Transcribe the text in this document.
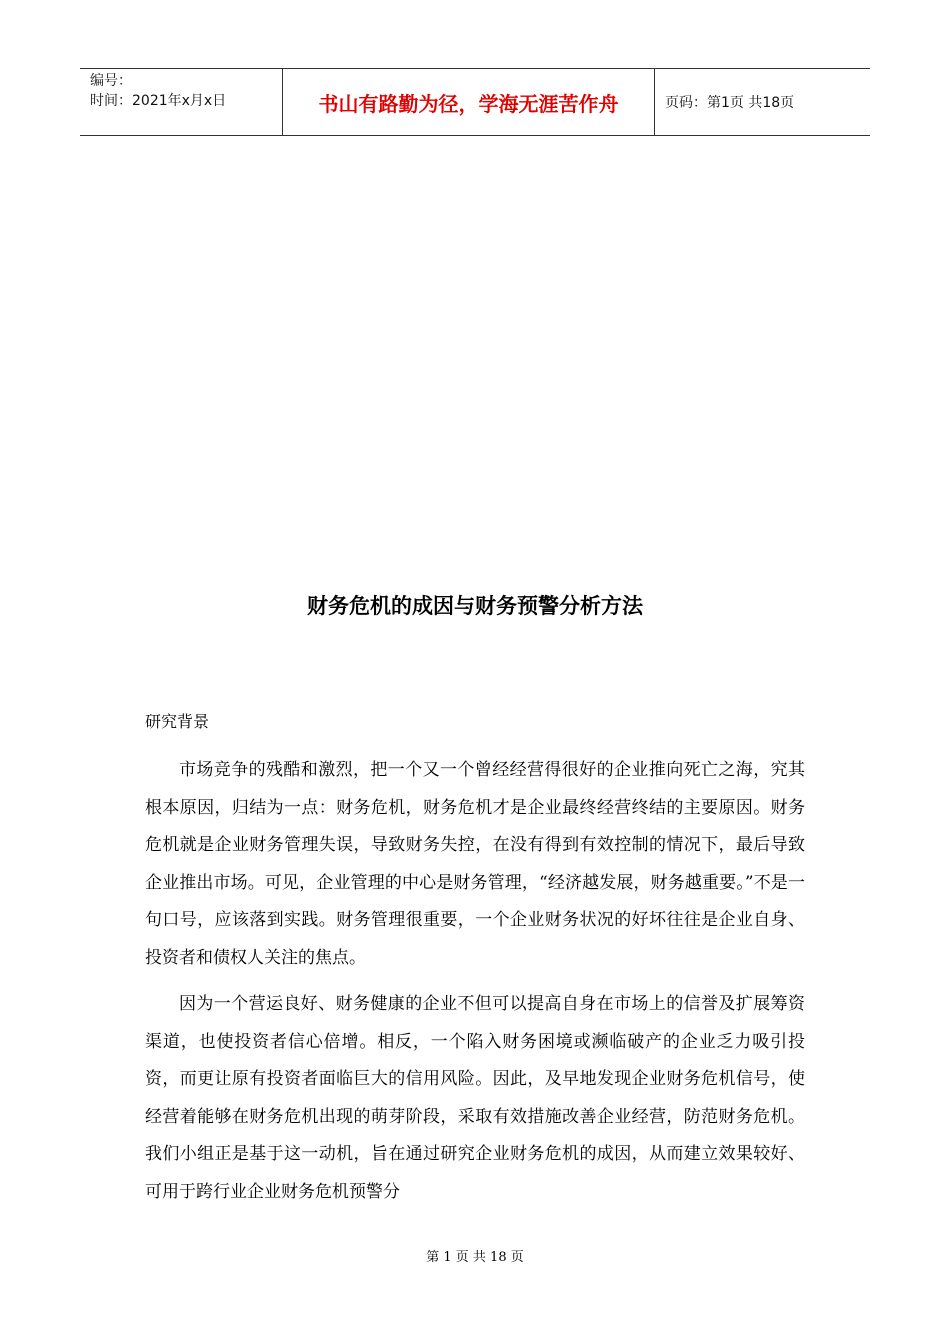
编号：
时间：2021年x月x日	书山有路勤为径，学海无涯苦作舟	页码：第1页 共18页
财务危机的成因与财务预警分析方法
研究背景

市场竞争的残酷和激烈，把一个又一个曾经经营得很好的企业推向死亡之海，究其根本原因，归结为一点：财务危机，财务危机才是企业最终经营终结的主要原因。财务危机就是企业财务管理失误，导致财务失控，在没有得到有效控制的情况下，最后导致企业推出市场。可见，企业管理的中心是财务管理，“经济越发展，财务越重要。”不是一句口号，应该落到实践。财务管理很重要，一个企业财务状况的好坏往往是企业自身、投资者和债权人关注的焦点。

因为一个营运良好、财务健康的企业不但可以提高自身在市场上的信誉及扩展筹资渠道，也使投资者信心倍增。相反，一个陷入财务困境或濒临破产的企业乏力吸引投资，而更让原有投资者面临巨大的信用风险。因此，及早地发现企业财务危机信号，使经营着能够在财务危机出现的萌芽阶段，采取有效措施改善企业经营，防范财务危机。我们小组正是基于这一动机，旨在通过研究企业财务危机的成因，从而建立效果较好、可用于跨行业企业财务危机预警分

第 1 页 共 18 页
